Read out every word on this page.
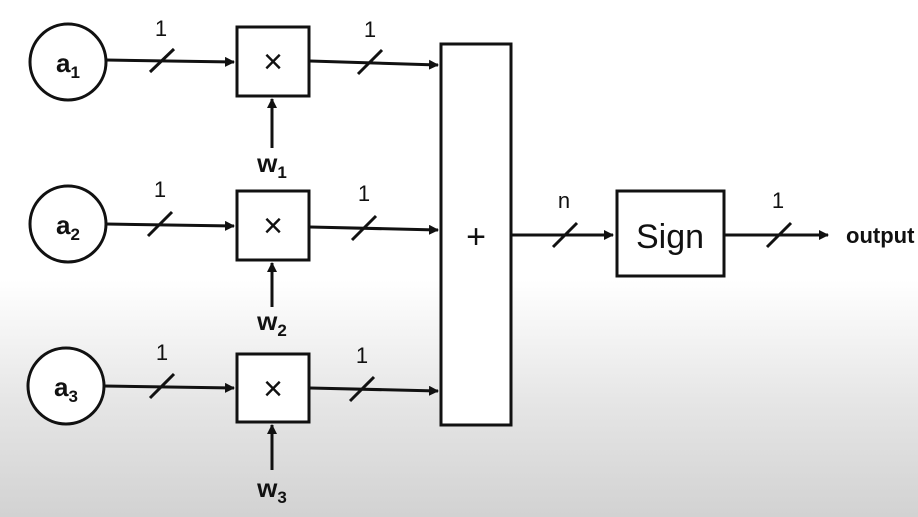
$a_1$
1
×
$w_1$
1
$a_2$
1
×
$w_2$
1
$a_3$
1
×
$w_3$
1
+
n
Sign
1
output
